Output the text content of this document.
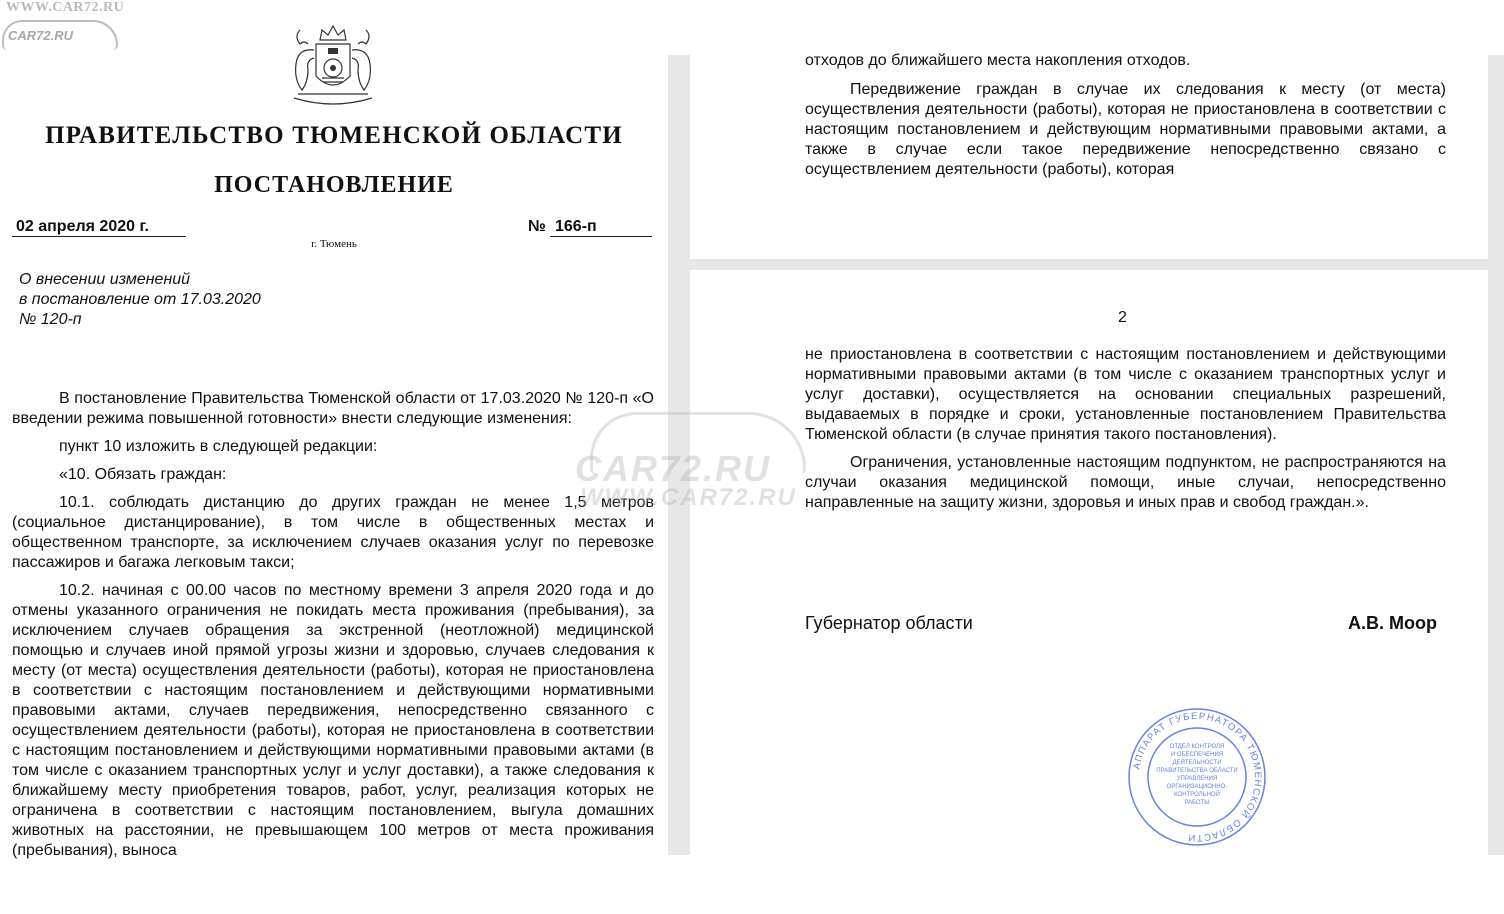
WWW.CAR72.RU
CAR72.RU
ПРАВИТЕЛЬСТВО ТЮМЕНСКОЙ ОБЛАСТИ
ПОСТАНОВЛЕНИЕ
02 апреля 2020 г.	№ 166-п
г. Тюмень
О внесении изменений
в постановление от 17.03.2020
№ 120-п

В постановление Правительства Тюменской области от 17.03.2020 № 120-п «О введении режима повышенной готовности» внести следующие изменения:

пункт 10 изложить в следующей редакции:

«10. Обязать граждан:

10.1. соблюдать дистанцию до других граждан не менее 1,5 метров (социальное дистанцирование), в том числе в общественных местах и общественном транспорте, за исключением случаев оказания услуг по перевозке пассажиров и багажа легковым такси;

10.2. начиная с 00.00 часов по местному времени 3 апреля 2020 года и до отмены указанного ограничения не покидать места проживания (пребывания), за исключением случаев обращения за экстренной (неотложной) медицинской помощью и случаев иной прямой угрозы жизни и здоровью, случаев следования к месту (от места) осуществления деятельности (работы), которая не приостановлена в соответствии с настоящим постановлением и действующими нормативными правовыми актами, случаев передвижения, непосредственно связанного с осуществлением деятельности (работы), которая не приостановлена в соответствии с настоящим постановлением и действующими нормативными правовыми актами (в том числе с оказанием транспортных услуг и услуг доставки), а также следования к ближайшему месту приобретения товаров, работ, услуг, реализация которых не ограничена в соответствии с настоящим постановлением, выгула домашних животных на расстоянии, не превышающем 100 метров от места проживания (пребывания), выноса

отходов до ближайшего места накопления отходов.

Передвижение граждан в случае их следования к месту (от места) осуществления деятельности (работы), которая не приостановлена в соответствии с настоящим постановлением и действующим нормативными правовыми актами, а также в случае если такое передвижение непосредственно связано с осуществлением деятельности (работы), которая

2

не приостановлена в соответствии с настоящим постановлением и действующими нормативными правовыми актами (в том числе с оказанием транспортных услуг и услуг доставки), осуществляется на основании специальных разрешений, выдаваемых в порядке и сроки, установленные постановлением Правительства Тюменской области (в случае принятия такого постановления).

Ограничения, установленные настоящим подпунктом, не распространяются на случаи оказания медицинской помощи, иные случаи, непосредственно направленные на защиту жизни, здоровья и иных прав и свобод граждан.».

Губернатор области	А.В. Моор
АППАРАТ ГУБЕРНАТОРА ТЮМЕНСКОЙ ОБЛАСТИ
ОТДЕЛ КОНТРОЛЯ
И ОБЕСПЕЧЕНИЯ
ДЕЯТЕЛЬНОСТИ
ПРАВИТЕЛЬСТВА ОБЛАСТИ
УПРАВЛЕНИЯ
ОРГАНИЗАЦИОННО-
КОНТРОЛЬНОЙ
РАБОТЫ
CAR72.RU
WWW.CAR72.RU
